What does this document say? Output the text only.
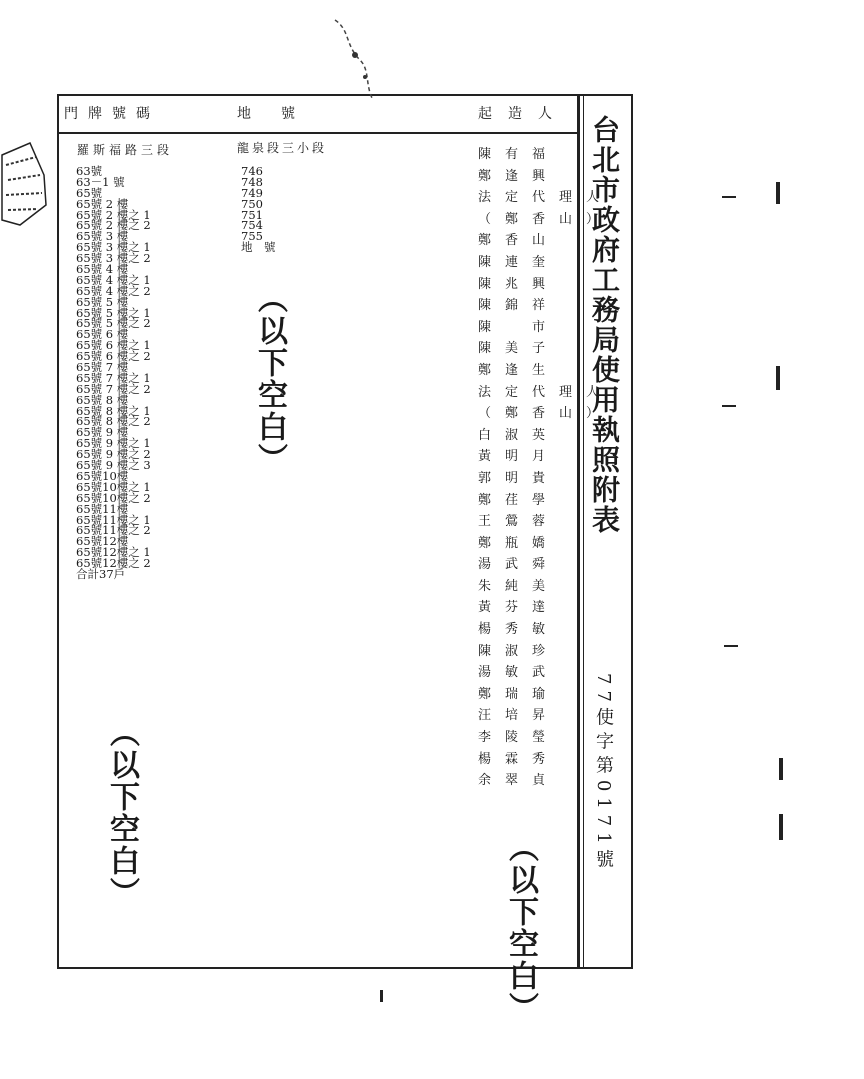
門牌號碼	地號	起造人
羅斯福路三段
63號
63－1 號
65號
65號 2 樓
65號 2 樓之 1
65號 2 樓之 2
65號 3 樓
65號 3 樓之 1
65號 3 樓之 2
65號 4 樓
65號 4 樓之 1
65號 4 樓之 2
65號 5 樓
65號 5 樓之 1
65號 5 樓之 2
65號 6 樓
65號 6 樓之 1
65號 6 樓之 2
65號 7 樓
65號 7 樓之 1
65號 7 樓之 2
65號 8 樓
65號 8 樓之 1
65號 8 樓之 2
65號 9 樓
65號 9 樓之 1
65號 9 樓之 2
65號 9 樓之 3
65號10樓
65號10樓之 1
65號10樓之 2
65號11樓
65號11樓之 1
65號11樓之 2
65號12樓
65號12樓之 1
65號12樓之 2
合計37戶
龍泉段三小段
746
748
749
750
751
754
755
地　號
陳有福
鄭逢興
法定代理人
（鄭香山）
鄭香山
陳連奎
陳兆興
陳錦祥
陳　市
陳美子
鄭逢生
法定代理人
（鄭香山）
白淑英
黃明月
郭明貴
鄭荏學
王鶯蓉
鄭瓶嬌
湯武舜
朱純美
黃芬達
楊秀敏
陳淑珍
湯敏武
鄭瑞瑜
汪培昇
李陵瑩
楊霖秀
余翠貞
（以下空白）
（以下空白）
（以下空白）
台北市政府工務局使用執照附表
77使字第0171號
